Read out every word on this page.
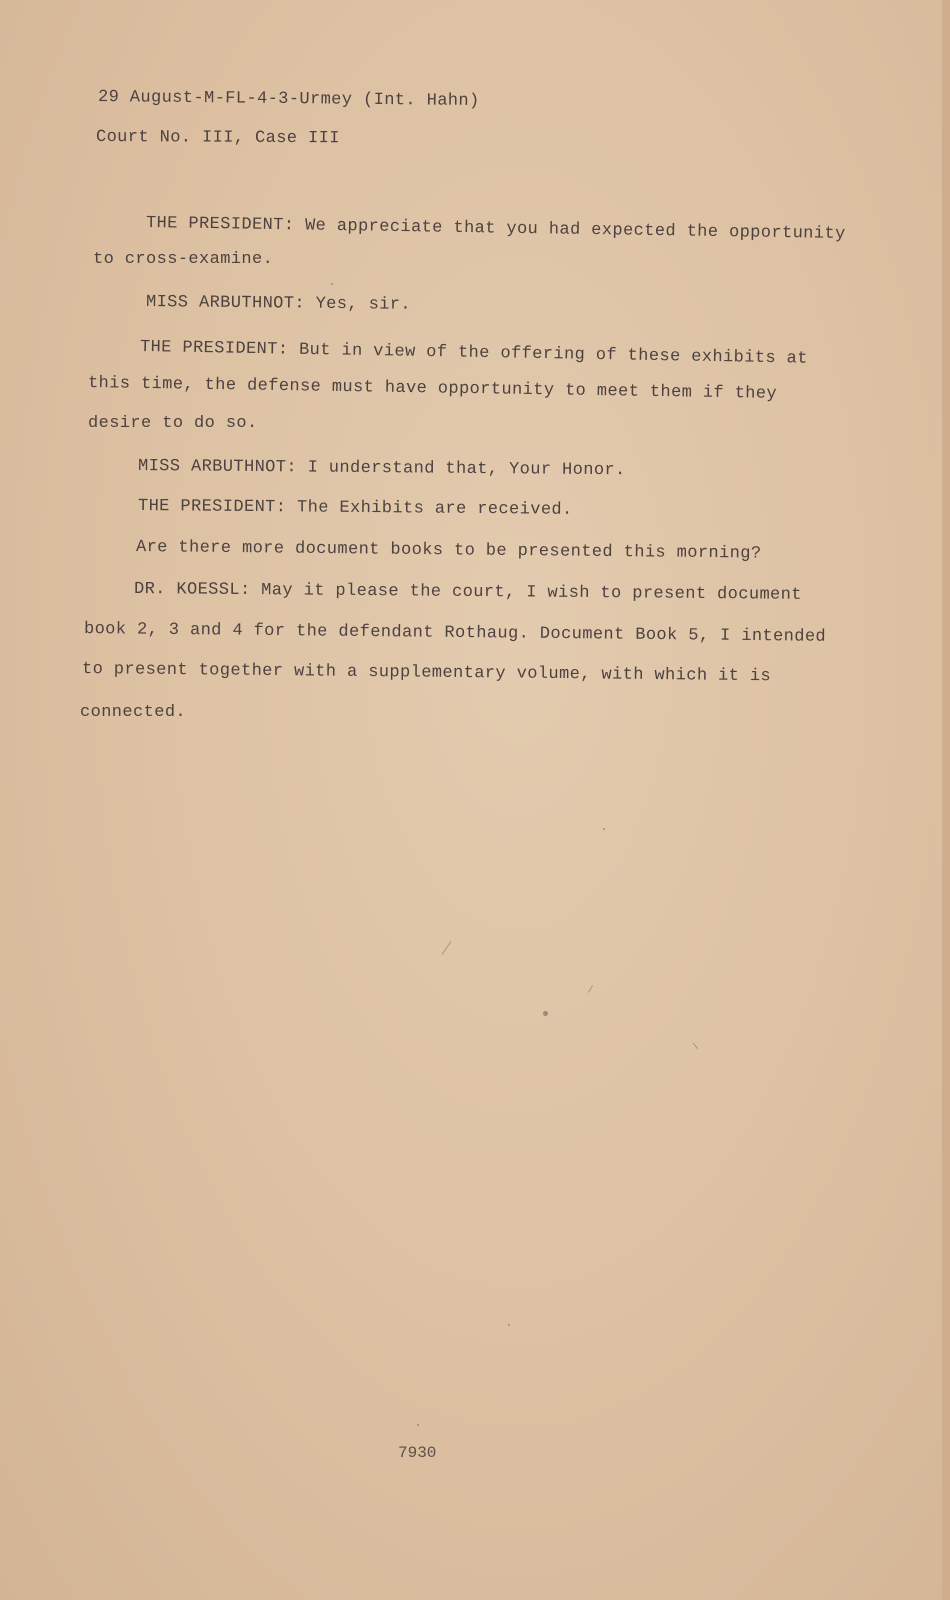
29 August-M-FL-4-3-Urmey (Int. Hahn)
Court No. III, Case III
THE PRESIDENT: We appreciate that you had expected the opportunity
to cross-examine.
MISS ARBUTHNOT: Yes, sir.
THE PRESIDENT: But in view of the offering of these exhibits at
this time, the defense must have opportunity to meet them if they
desire to do so.
MISS ARBUTHNOT: I understand that, Your Honor.
THE PRESIDENT: The Exhibits are received.
Are there more document books to be presented this morning?
DR. KOESSL: May it please the court, I wish to present document
book 2, 3 and 4 for the defendant Rothaug. Document Book 5, I intended
to present together with a supplementary volume, with which it is
connected.
7930
